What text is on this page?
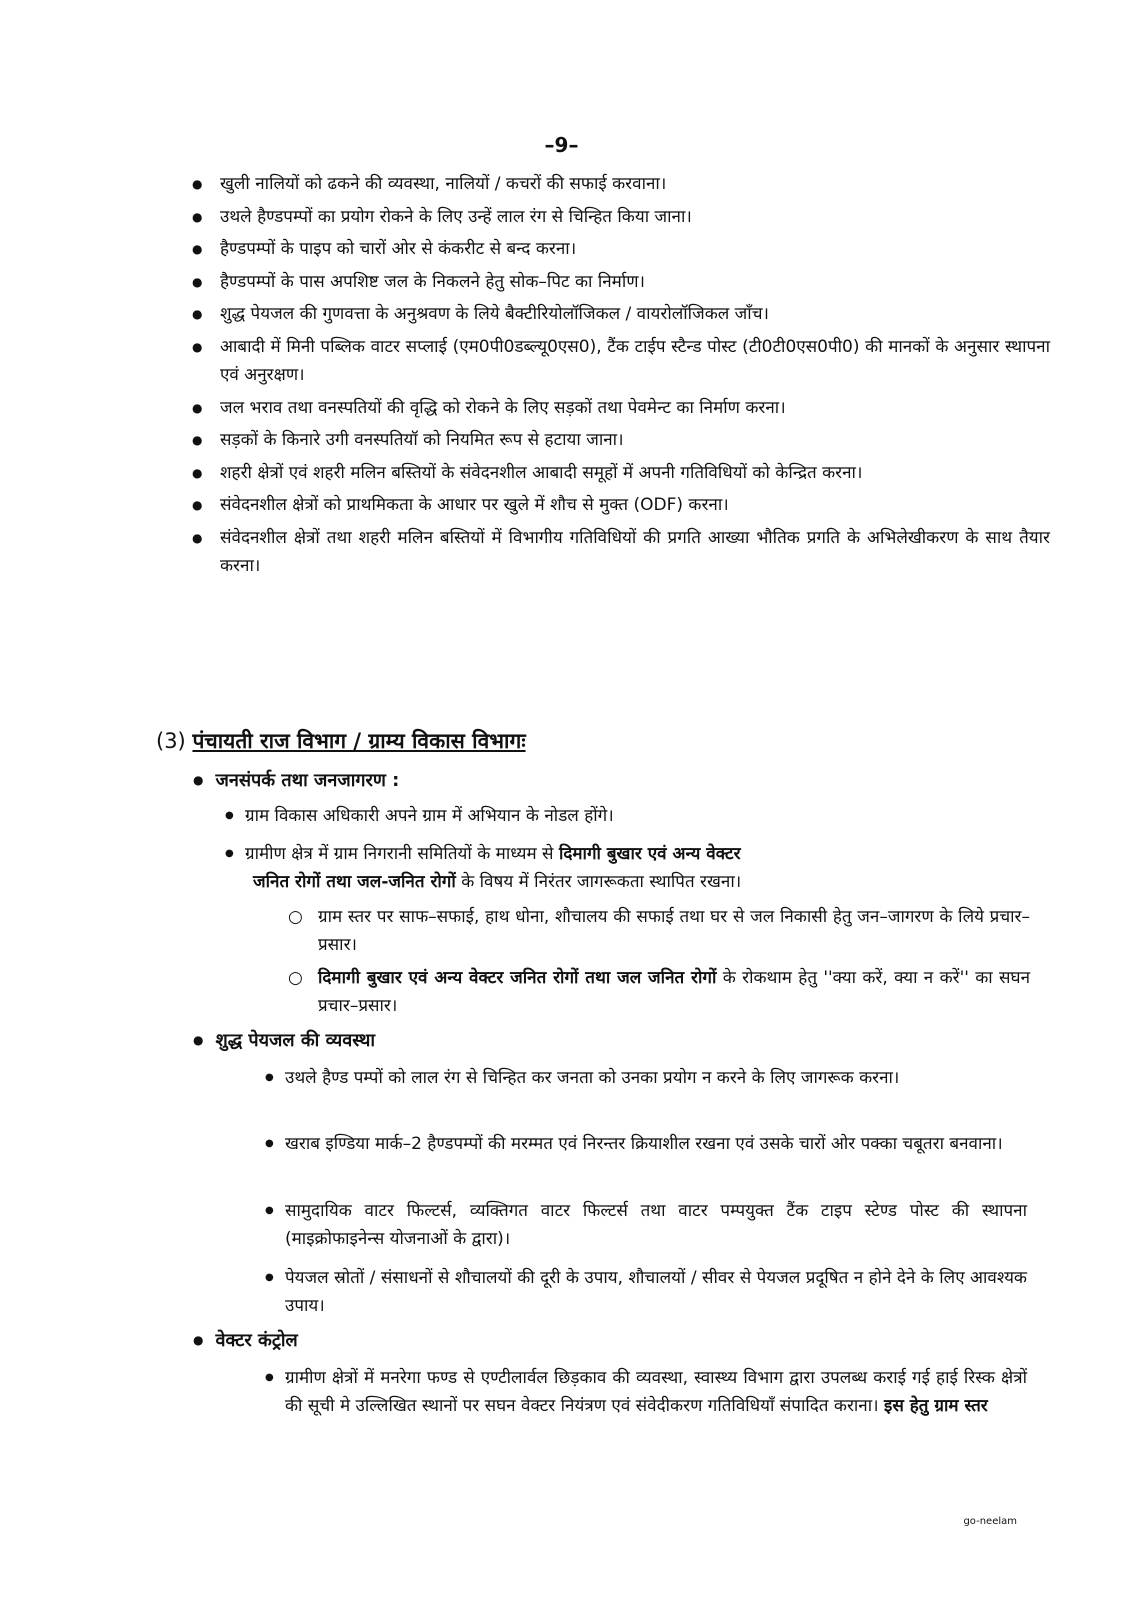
–9–
● खुली नालियों को ढकने की व्यवस्था, नालियों / कचरों की सफाई करवाना।
● उथले हैण्डपम्पों का प्रयोग रोकने के लिए उन्हें लाल रंग से चिन्हित किया जाना।
● हैण्डपम्पों के पाइप को चारों ओर से कंकरीट से बन्द करना।
● हैण्डपम्पों के पास अपशिष्ट जल के निकलने हेतु सोक–पिट का निर्माण।
● शुद्ध पेयजल की गुणवत्ता के अनुश्रवण के लिये बैक्टीरियोलॉजिकल / वायरोलॉजिकल जाँच।
● आबादी में मिनी पब्लिक वाटर सप्लाई (एम0पी0डब्ल्यू0एस0), टैंक टाईप स्टैन्ड पोस्ट (टी0टी0एस0पी0) की मानकों के अनुसार स्थापना एवं अनुरक्षण।
● जल भराव तथा वनस्पतियों की वृद्धि को रोकने के लिए सड़कों तथा पेवमेन्ट का निर्माण करना।
● सड़कों के किनारे उगी वनस्पतियॉ को नियमित रूप से हटाया जाना।
● शहरी क्षेत्रों एवं शहरी मलिन बस्तियों के संवेदनशील आबादी समूहों में अपनी गतिविधियों को केन्द्रित करना।
● संवेदनशील क्षेत्रों को प्राथमिकता के आधार पर खुले में शौच से मुक्त (ODF) करना।
● संवेदनशील क्षेत्रों तथा शहरी मलिन बस्तियों में विभागीय गतिविधियों की प्रगति आख्या भौतिक प्रगति के अभिलेखीकरण के साथ तैयार करना।
(3) पंचायती राज विभाग / ग्राम्य विकास विभागः
● जनसंपर्क तथा जनजागरण :
● ग्राम विकास अधिकारी अपने ग्राम में अभियान के नोडल होंगे।
● ग्रामीण क्षेत्र में ग्राम निगरानी समितियों के माध्यम से दिमागी बुखार एवं अन्य वेक्टर
जनित रोगों तथा जल-जनित रोगों के विषय में निरंतर जागरूकता स्थापित रखना।
○ ग्राम स्तर पर साफ–सफाई, हाथ धोना, शौचालय की सफाई तथा घर से जल निकासी हेतु जन–जागरण के लिये प्रचार–प्रसार।
○ दिमागी बुखार एवं अन्य वेक्टर जनित रोगों तथा जल जनित रोगों के रोकथाम हेतु ''क्या करें, क्या न करें'' का सघन प्रचार–प्रसार।
● शुद्ध पेयजल की व्यवस्था
● उथले हैण्ड पम्पों को लाल रंग से चिन्हित कर जनता को उनका प्रयोग न करने के लिए जागरूक करना।
● खराब इण्डिया मार्क–2 हैण्डपम्पों की मरम्मत एवं निरन्तर क्रियाशील रखना एवं उसके चारों ओर पक्का चबूतरा बनवाना।
● सामुदायिक वाटर फिल्टर्स, व्यक्तिगत वाटर फिल्टर्स तथा वाटर पम्पयुक्त टैंक टाइप स्टेण्ड पोस्ट की स्थापना (माइक्रोफाइनेन्स योजनाओं के द्वारा)।
● पेयजल स्रोतों / संसाधनों से शौचालयों की दूरी के उपाय, शौचालयों / सीवर से पेयजल प्रदूषित न होने देने के लिए आवश्यक उपाय।
● वेक्टर कंट्रोल
● ग्रामीण क्षेत्रों में मनरेगा फण्ड से एण्टीलार्वल छिड़काव की व्यवस्था, स्वास्थ्य विभाग द्वारा उपलब्ध कराई गई हाई रिस्क क्षेत्रों की सूची मे उल्लिखित स्थानों पर सघन वेक्टर नियंत्रण एवं संवेदीकरण गतिविधियाँ संपादित कराना। इस हेतु ग्राम स्तर
go-neelam
